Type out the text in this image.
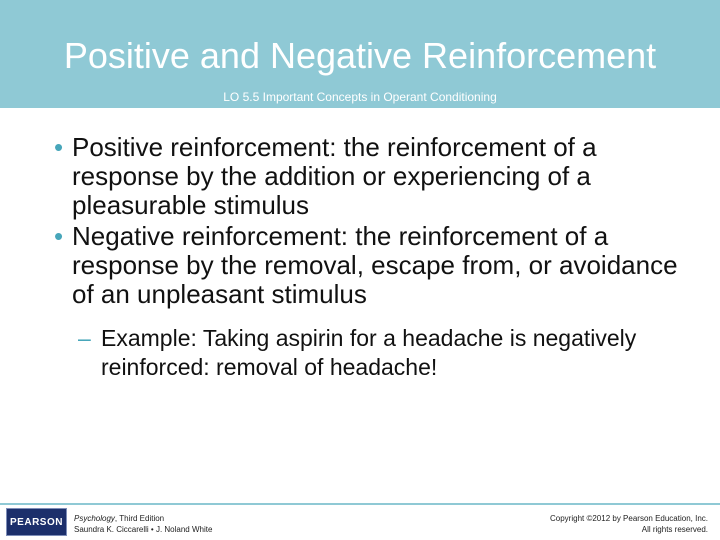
Positive and Negative Reinforcement
LO 5.5 Important Concepts in Operant Conditioning
• Positive reinforcement: the reinforcement of a response by the addition or experiencing of a pleasurable stimulus
• Negative reinforcement: the reinforcement of a response by the removal, escape from, or avoidance of an unpleasant stimulus
– Example: Taking aspirin for a headache is negatively reinforced: removal of headache!
PEARSON Psychology, Third Edition
Saundra K. Ciccarelli • J. Noland White
Copyright ©2012 by Pearson Education, Inc.
All rights reserved.
